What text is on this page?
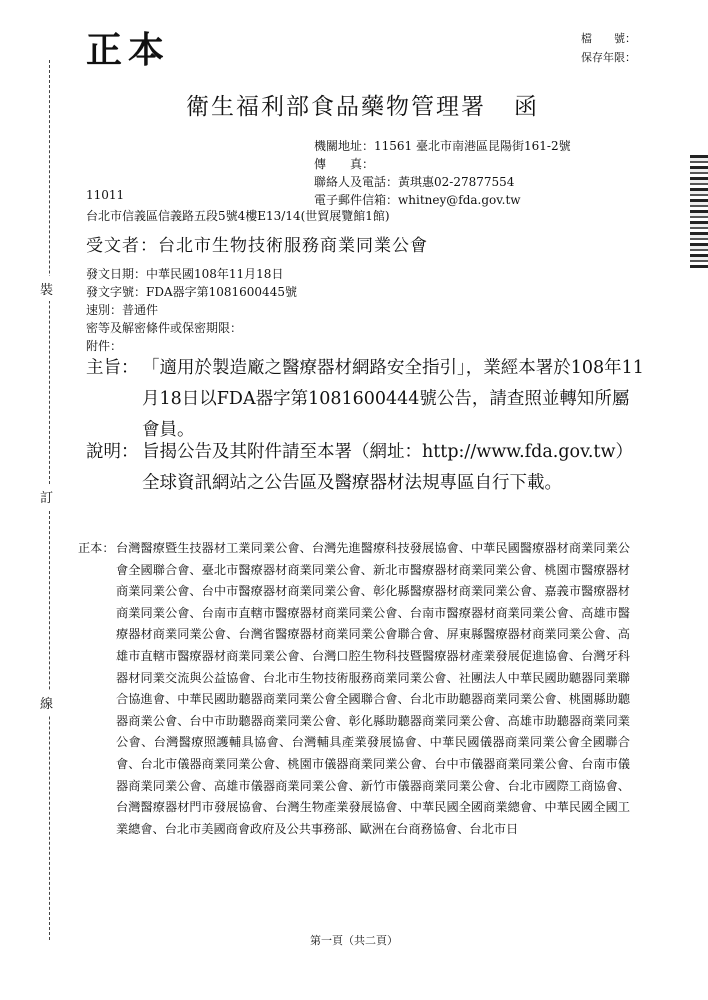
裝
訂
線
正本	檔　　號：
保存年限：
衛生福利部食品藥物管理署 函
機關地址：11561 臺北市南港區昆陽街161-2號
傳　　真：
聯絡人及電話：黃琪惠02-27877554
電子郵件信箱：whitney@fda.gov.tw
11011
台北市信義區信義路五段5號4樓E13/14(世貿展覽館1館)
受文者：台北市生物技術服務商業同業公會
發文日期：中華民國108年11月18日
發文字號：FDA器字第1081600445號
速別：普通件
密等及解密條件或保密期限：
附件：
主旨： 「適用於製造廠之醫療器材網路安全指引」，業經本署於108年11月18日以FDA器字第1081600444號公告，請查照並轉知所屬會員。
說明： 旨揭公告及其附件請至本署（網址：http://www.fda.gov.tw）全球資訊網站之公告區及醫療器材法規專區自行下載。
正本： 台灣醫療暨生技器材工業同業公會、台灣先進醫療科技發展協會、中華民國醫療器材商業同業公會全國聯合會、臺北市醫療器材商業同業公會、新北市醫療器材商業同業公會、桃園市醫療器材商業同業公會、台中市醫療器材商業同業公會、彰化縣醫療器材商業同業公會、嘉義市醫療器材商業同業公會、台南市直轄市醫療器材商業同業公會、台南市醫療器材商業同業公會、高雄市醫療器材商業同業公會、台灣省醫療器材商業同業公會聯合會、屏東縣醫療器材商業同業公會、高雄市直轄市醫療器材商業同業公會、台灣口腔生物科技暨醫療器材產業發展促進協會、台灣牙科器材同業交流與公益協會、台北市生物技術服務商業同業公會、社團法人中華民國助聽器同業聯合協進會、中華民國助聽器商業同業公會全國聯合會、台北市助聽器商業同業公會、桃園縣助聽器商業公會、台中市助聽器商業同業公會、彰化縣助聽器商業同業公會、高雄市助聽器商業同業公會、台灣醫療照護輔具協會、台灣輔具產業發展協會、中華民國儀器商業同業公會全國聯合會、台北市儀器商業同業公會、桃園市儀器商業同業公會、台中市儀器商業同業公會、台南市儀器商業同業公會、高雄市儀器商業同業公會、新竹市儀器商業同業公會、台北市國際工商協會、台灣醫療器材門市發展協會、台灣生物產業發展協會、中華民國全國商業總會、中華民國全國工業總會、台北市美國商會政府及公共事務部、歐洲在台商務協會、台北市日
第一頁（共二頁）
